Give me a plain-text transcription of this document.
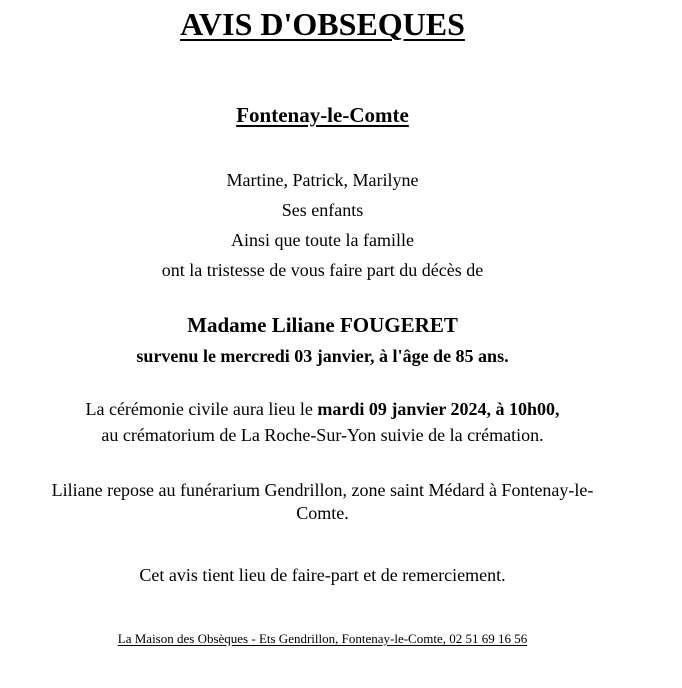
AVIS D'OBSEQUES
Fontenay-le-Comte
Martine, Patrick, Marilyne
Ses enfants
Ainsi que toute la famille
ont la tristesse de vous faire part du décès de
Madame Liliane FOUGERET
survenu le mercredi 03 janvier, à l'âge de 85 ans.
La cérémonie civile aura lieu le mardi 09 janvier 2024, à 10h00,
au crématorium de La Roche-Sur-Yon suivie de la crémation.
Liliane repose au funérarium Gendrillon, zone saint Médard à Fontenay-le-
Comte.
Cet avis tient lieu de faire-part et de remerciement.
La Maison des Obsèques - Ets Gendrillon, Fontenay-le-Comte, 02 51 69 16 56
